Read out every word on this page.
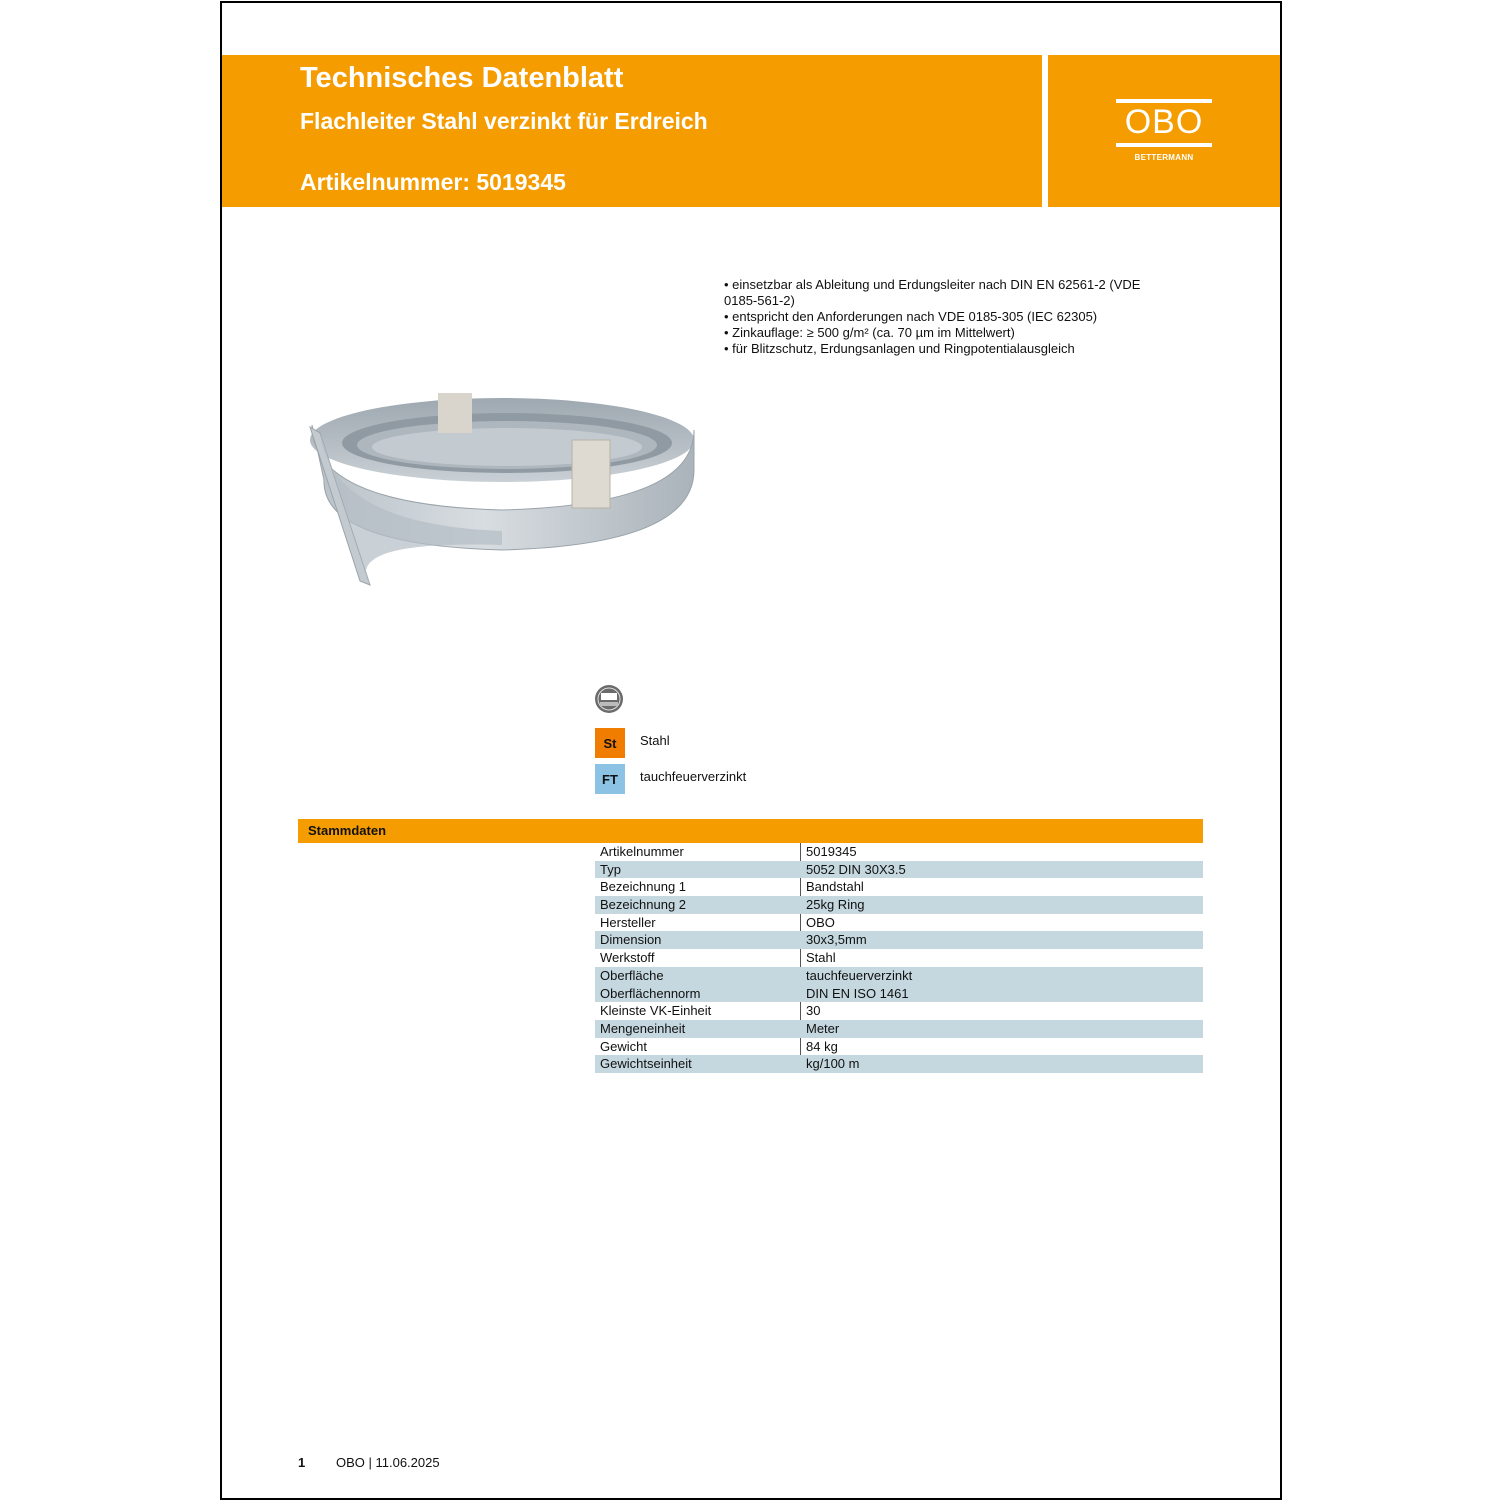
Technisches Datenblatt
Flachleiter Stahl verzinkt für Erdreich
Artikelnummer: 5019345
OBO
BETTERMANN
• einsetzbar als Ableitung und Erdungsleiter nach DIN EN 62561-2 (VDE 0185-561-2)
• entspricht den Anforderungen nach VDE 0185-305 (IEC 62305)
• Zinkauflage: ≥ 500 g/m² (ca. 70 µm im Mittelwert)
• für Blitzschutz, Erdungsanlagen und Ringpotentialausgleich
St	Stahl
FT	tauchfeuerverzinkt
Stammdaten
Artikelnummer	5019345
Typ	5052 DIN 30X3.5
Bezeichnung 1	Bandstahl
Bezeichnung 2	25kg Ring
Hersteller	OBO
Dimension	30x3,5mm
Werkstoff	Stahl
Oberfläche	tauchfeuerverzinkt
Oberflächennorm	DIN EN ISO 1461
Kleinste VK-Einheit	30
Mengeneinheit	Meter
Gewicht	84 kg
Gewichtseinheit	kg/100 m
1 OBO | 11.06.2025
